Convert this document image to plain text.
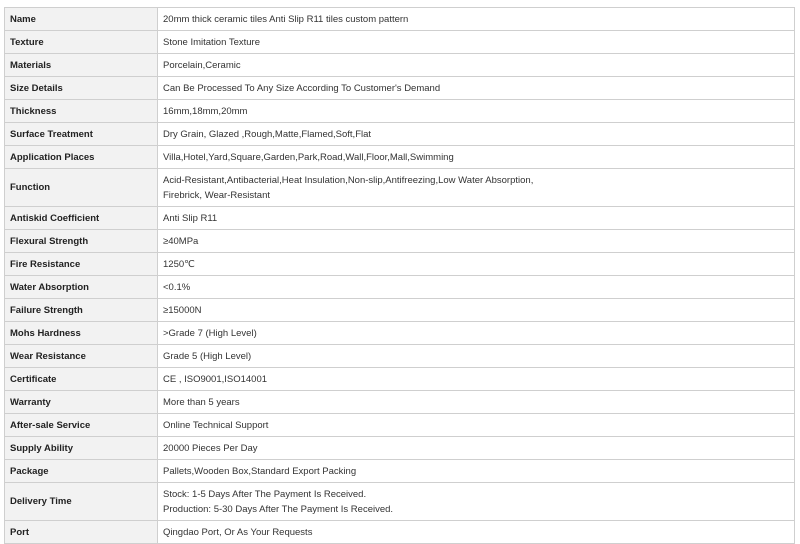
Name	20mm thick ceramic tiles Anti Slip R11 tiles custom pattern

Texture	Stone Imitation Texture

Materials	Porcelain,Ceramic

Size Details	Can Be Processed To Any Size According To Customer's Demand

Thickness	16mm,18mm,20mm

Surface Treatment	Dry Grain, Glazed ,Rough,Matte,Flamed,Soft,Flat

Application Places	Villa,Hotel,Yard,Square,Garden,Park,Road,Wall,Floor,Mall,Swimming

Function	Acid-Resistant,Antibacterial,Heat Insulation,Non-slip,Antifreezing,Low Water Absorption,
Firebrick, Wear-Resistant

Antiskid Coefficient	Anti Slip R11

Flexural Strength	≥40MPa

Fire Resistance	1250℃

Water Absorption	<0.1%

Failure Strength	≥15000N

Mohs Hardness	>Grade 7 (High Level)

Wear Resistance	Grade 5 (High Level)

Certificate	CE , ISO9001,ISO14001

Warranty	More than 5 years

After-sale Service	Online Technical Support

Supply Ability	20000 Pieces Per Day

Package	Pallets,Wooden Box,Standard Export Packing

Delivery Time	Stock: 1-5 Days After The Payment Is Received.
Production: 5-30 Days After The Payment Is Received.

Port	Qingdao Port, Or As Your Requests
